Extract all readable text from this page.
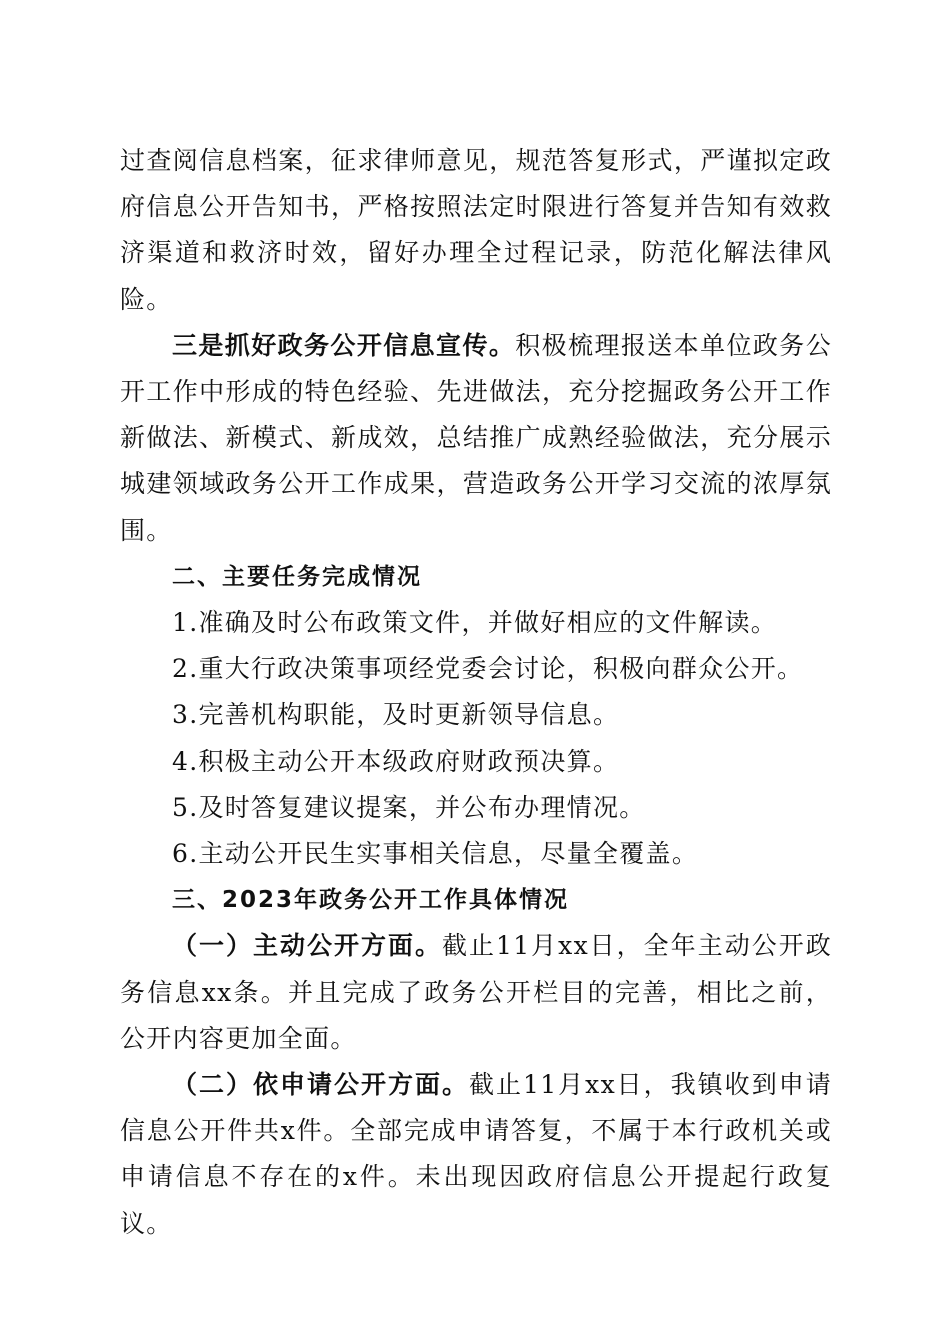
过查阅信息档案，征求律师意见，规范答复形式，严谨拟定政府信息公开告知书，严格按照法定时限进行答复并告知有效救济渠道和救济时效，留好办理全过程记录，防范化解法律风险。

三是抓好政务公开信息宣传。积极梳理报送本单位政务公开工作中形成的特色经验、先进做法，充分挖掘政务公开工作新做法、新模式、新成效，总结推广成熟经验做法，充分展示城建领域政务公开工作成果，营造政务公开学习交流的浓厚氛围。

二、主要任务完成情况

1.准确及时公布政策文件，并做好相应的文件解读。

2.重大行政决策事项经党委会讨论，积极向群众公开。

3.完善机构职能，及时更新领导信息。

4.积极主动公开本级政府财政预决算。

5.及时答复建议提案，并公布办理情况。

6.主动公开民生实事相关信息，尽量全覆盖。

三、2023年政务公开工作具体情况

（一）主动公开方面。截止11月xx日，全年主动公开政务信息xx条。并且完成了政务公开栏目的完善，相比之前，公开内容更加全面。

（二）依申请公开方面。截止11月xx日，我镇收到申请信息公开件共x件。全部完成申请答复，不属于本行政机关或申请信息不存在的x件。未出现因政府信息公开提起行政复议。
